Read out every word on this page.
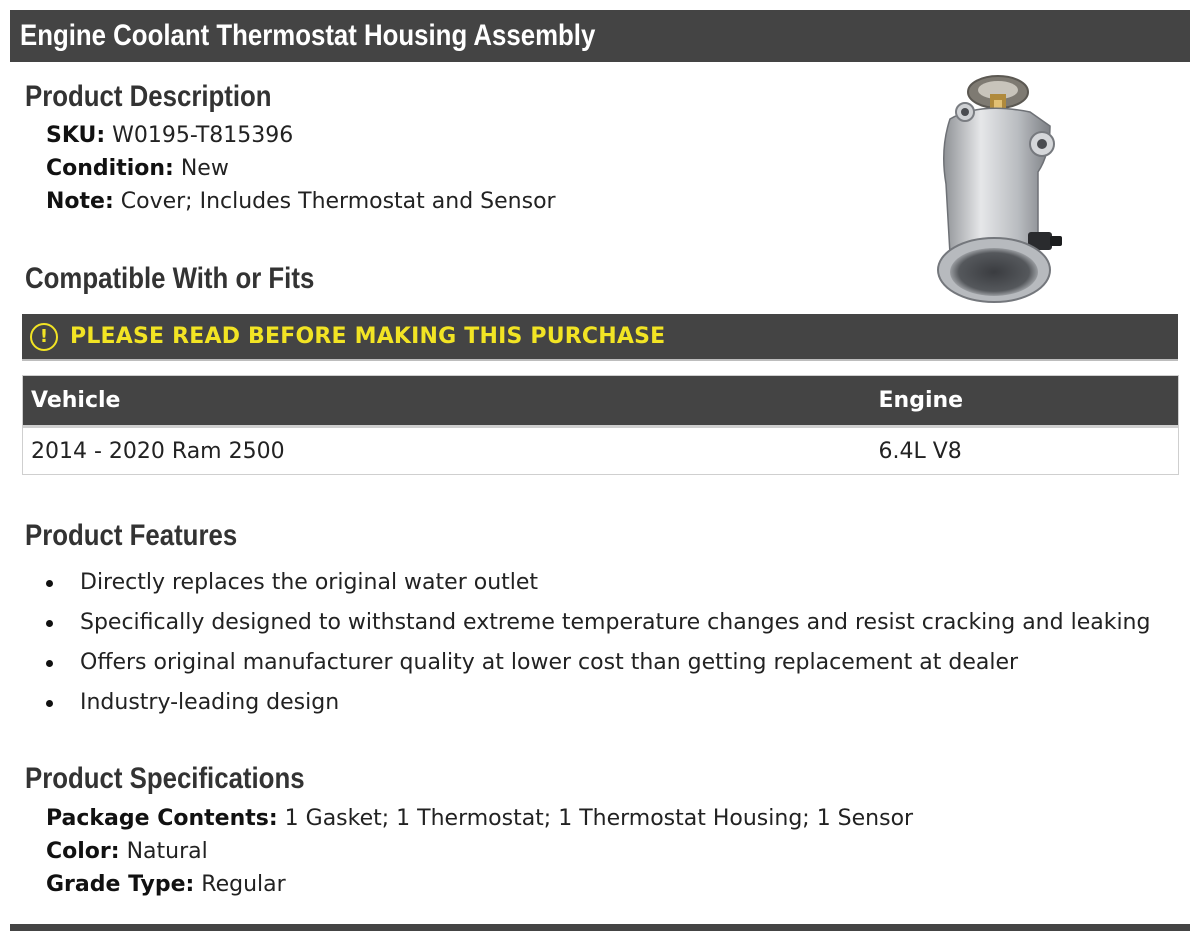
Engine Coolant Thermostat Housing Assembly
Product Description
SKU: W0195-T815396
Condition: New
Note: Cover; Includes Thermostat and Sensor
Compatible With or Fits
! PLEASE READ BEFORE MAKING THIS PURCHASE
Vehicle	Engine
2014 - 2020 Ram 2500	6.4L V8
Product Features
Directly replaces the original water outlet
Specifically designed to withstand extreme temperature changes and resist cracking and leaking
Offers original manufacturer quality at lower cost than getting replacement at dealer
Industry-leading design
Product Specifications
Package Contents: 1 Gasket; 1 Thermostat; 1 Thermostat Housing; 1 Sensor
Color: Natural
Grade Type: Regular
